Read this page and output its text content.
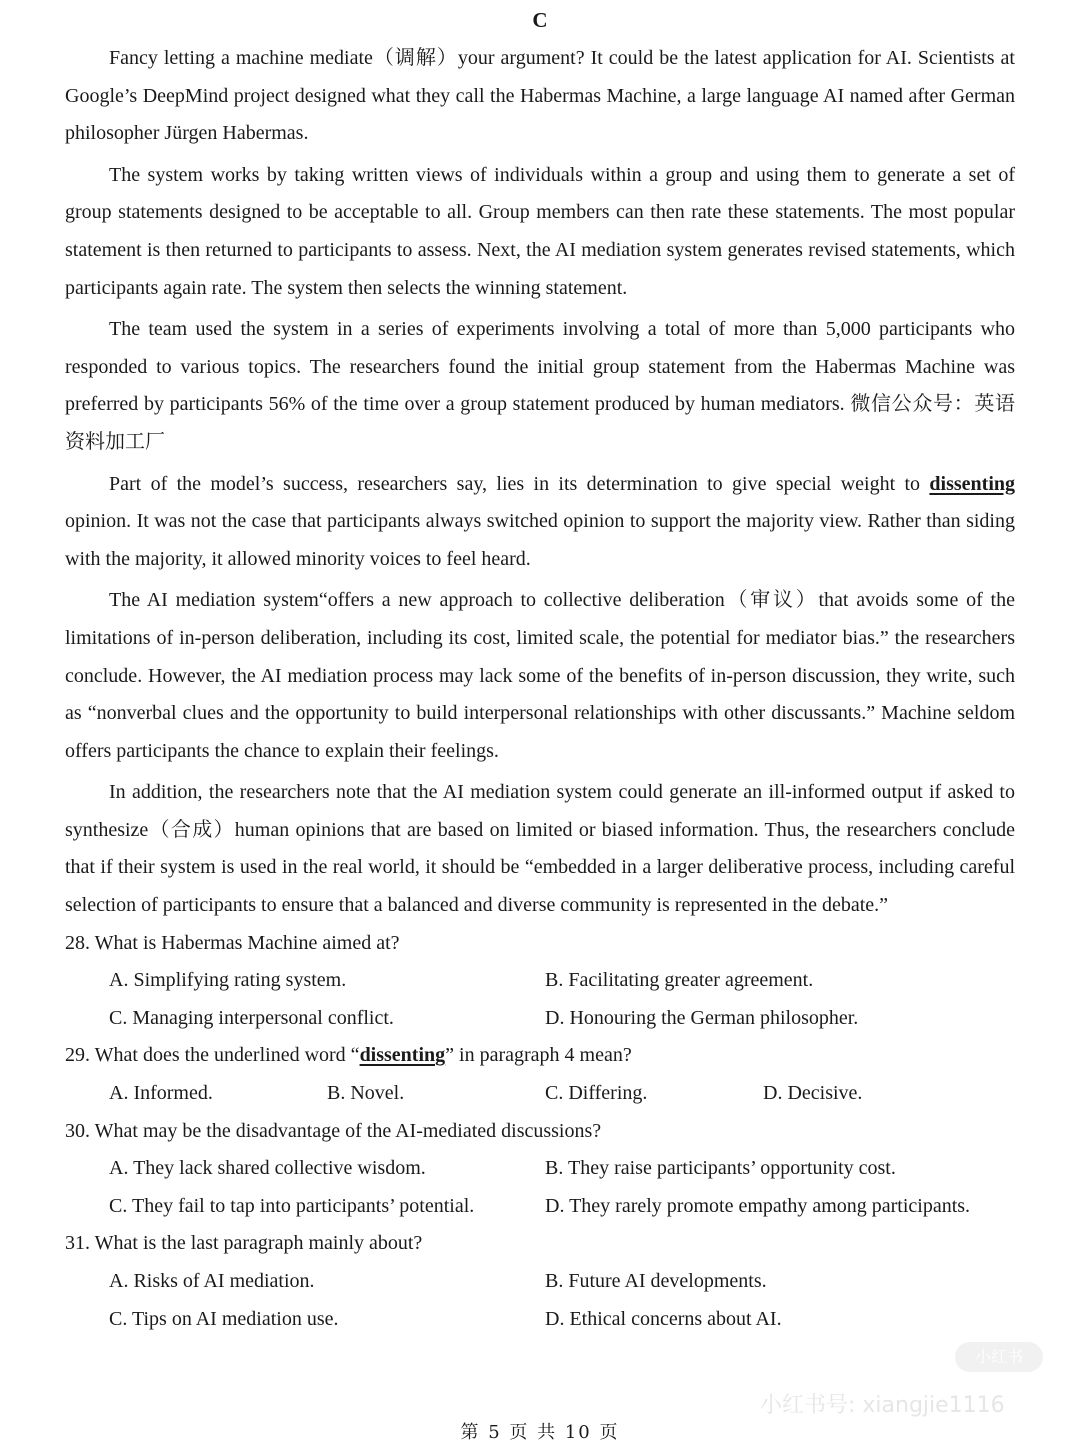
C

Fancy letting a machine mediate（调解）your argument? It could be the latest application for AI. Scientists at Google’s DeepMind project designed what they call the Habermas Machine, a large language AI named after German philosopher Jürgen Habermas.

The system works by taking written views of individuals within a group and using them to generate a set of group statements designed to be acceptable to all. Group members can then rate these statements. The most popular statement is then returned to participants to assess. Next, the AI mediation system generates revised statements, which participants again rate. The system then selects the winning statement.

The team used the system in a series of experiments involving a total of more than 5,000 participants who responded to various topics. The researchers found the initial group statement from the Habermas Machine was preferred by participants 56% of the time over a group statement produced by human mediators. 微信公众号：英语资料加工厂

Part of the model’s success, researchers say, lies in its determination to give special weight to dissenting opinion. It was not the case that participants always switched opinion to support the majority view. Rather than siding with the majority, it allowed minority voices to feel heard.

The AI mediation system“offers a new approach to collective deliberation（审议）that avoids some of the limitations of in-person deliberation, including its cost, limited scale, the potential for mediator bias.” the researchers conclude. However, the AI mediation process may lack some of the benefits of in-person discussion, they write, such as “nonverbal clues and the opportunity to build interpersonal relationships with other discussants.” Machine seldom offers participants the chance to explain their feelings.

In addition, the researchers note that the AI mediation system could generate an ill-informed output if asked to synthesize（合成）human opinions that are based on limited or biased information. Thus, the researchers conclude that if their system is used in the real world, it should be “embedded in a larger deliberative process, including careful selection of participants to ensure that a balanced and diverse community is represented in the debate.”

28. What is Habermas Machine aimed at?
A. Simplifying rating system.	B. Facilitating greater agreement.
C. Managing interpersonal conflict.	D. Honouring the German philosopher.
29. What does the underlined word “dissenting” in paragraph 4 mean?
A. Informed.	B. Novel.	C. Differing.	D. Decisive.
30. What may be the disadvantage of the AI-mediated discussions?
A. They lack shared collective wisdom.	B. They raise participants’ opportunity cost.
C. They fail to tap into participants’ potential.	D. They rarely promote empathy among participants.
31. What is the last paragraph mainly about?
A. Risks of AI mediation.	B. Future AI developments.
C. Tips on AI mediation use.	D. Ethical concerns about AI.
小红书
小红书号: xiangjie1116
第 5 页 共 10 页
